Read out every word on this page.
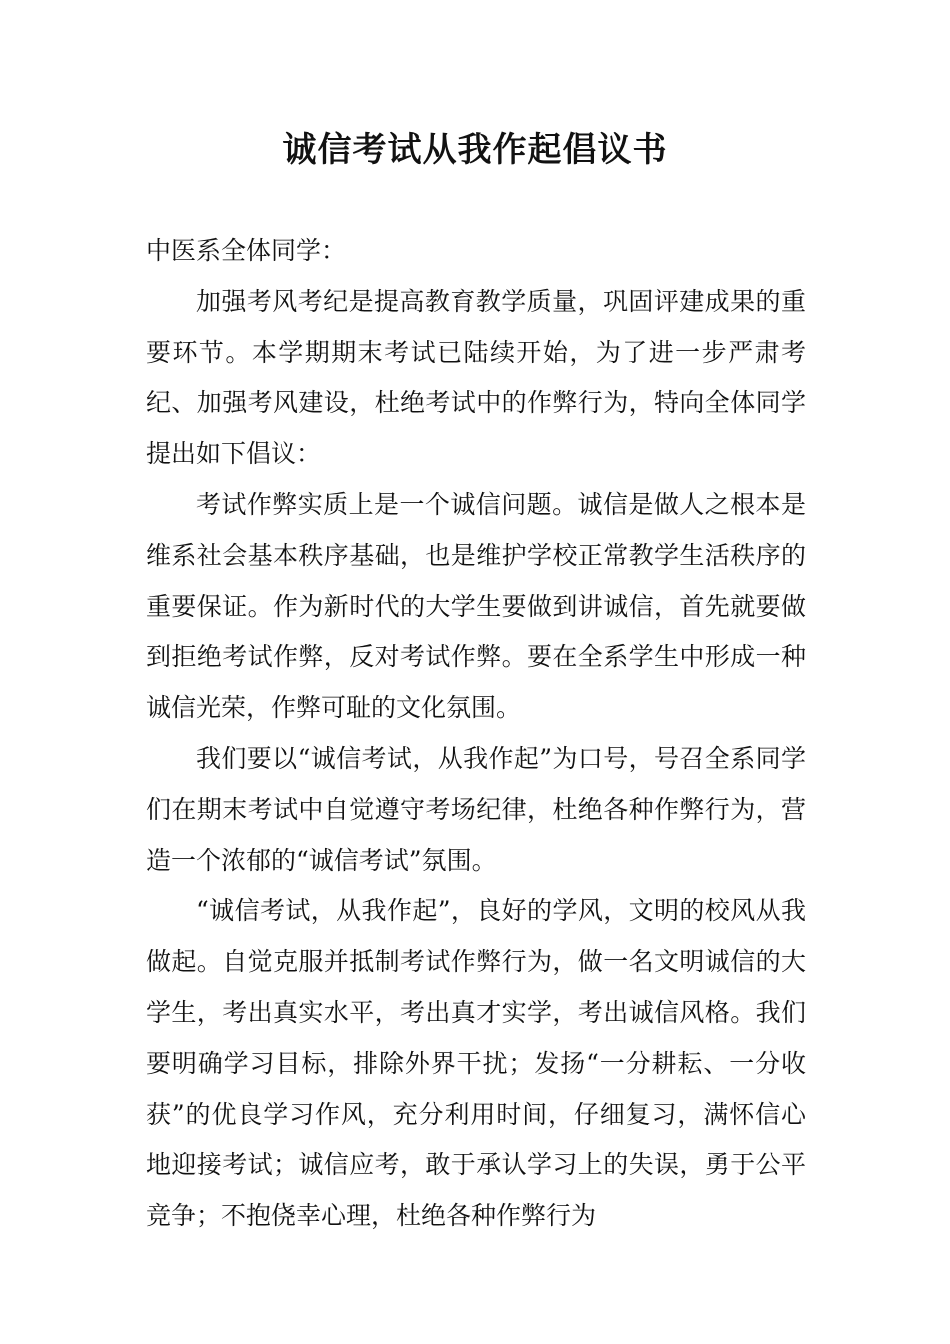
诚信考试从我作起倡议书

中医系全体同学：

加强考风考纪是提高教育教学质量，巩固评建成果的重要环节。本学期期末考试已陆续开始，为了进一步严肃考纪、加强考风建设，杜绝考试中的作弊行为，特向全体同学提出如下倡议：

考试作弊实质上是一个诚信问题。诚信是做人之根本是维系社会基本秩序基础，也是维护学校正常教学生活秩序的重要保证。作为新时代的大学生要做到讲诚信，首先就要做到拒绝考试作弊，反对考试作弊。要在全系学生中形成一种诚信光荣，作弊可耻的文化氛围。

我们要以“诚信考试，从我作起”为口号，号召全系同学们在期末考试中自觉遵守考场纪律，杜绝各种作弊行为，营造一个浓郁的“诚信考试”氛围。

“诚信考试，从我作起”，良好的学风，文明的校风从我做起。自觉克服并抵制考试作弊行为，做一名文明诚信的大学生，考出真实水平，考出真才实学，考出诚信风格。我们要明确学习目标，排除外界干扰；发扬“一分耕耘、一分收获”的优良学习作风，充分利用时间，仔细复习，满怀信心地迎接考试；诚信应考，敢于承认学习上的失误，勇于公平竞争；不抱侥幸心理，杜绝各种作弊行为
